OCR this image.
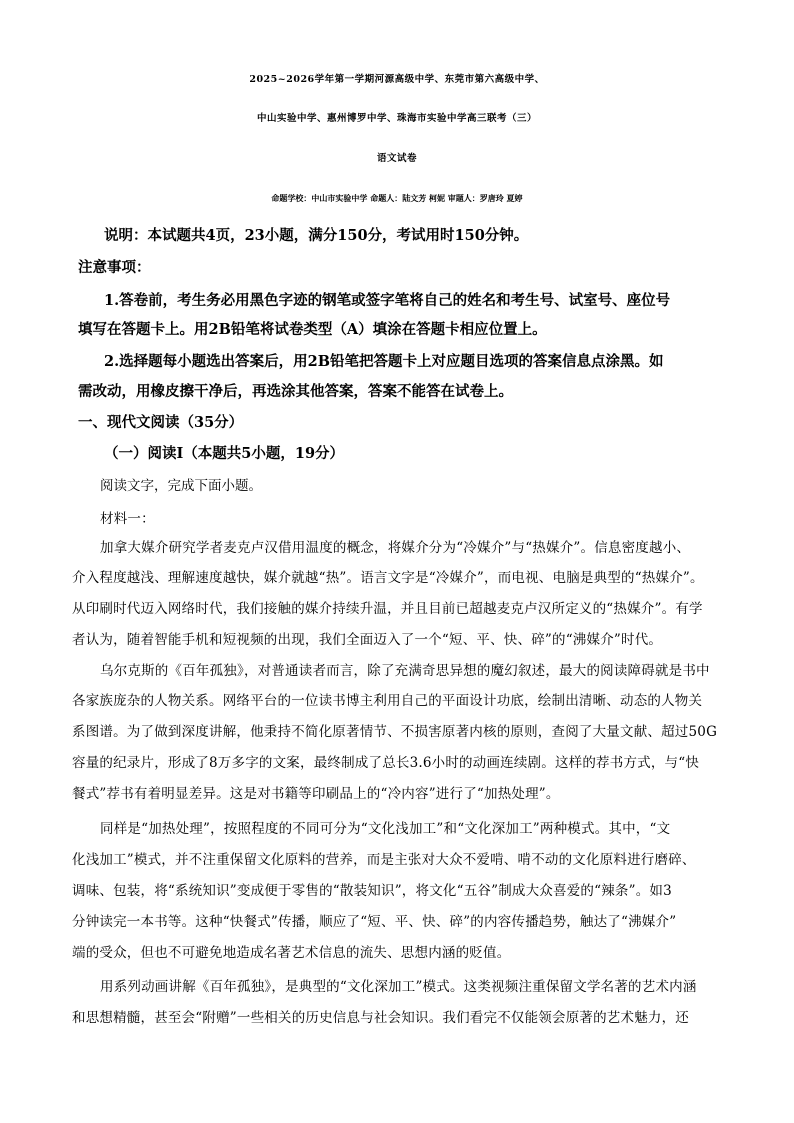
2025~2026学年第一学期河源高级中学、东莞市第六高级中学、
中山实验中学、惠州博罗中学、珠海市实验中学高三联考（三）
语文试卷
命题学校：中山市实验中学 命题人：陆文芳 柯妮 审题人：罗唐玲 夏婷
说明：本试题共4页，23小题，满分150分，考试用时150分钟。
注意事项：
1.答卷前，考生务必用黑色字迹的钢笔或签字笔将自己的姓名和考生号、试室号、座位号
填写在答题卡上。用2B铅笔将试卷类型（A）填涂在答题卡相应位置上。
2.选择题每小题选出答案后，用2B铅笔把答题卡上对应题目选项的答案信息点涂黑。如
需改动，用橡皮擦干净后，再选涂其他答案，答案不能答在试卷上。
一、现代文阅读（35分）
（一）阅读Ⅰ（本题共5小题，19分）
阅读文字，完成下面小题。
材料一：
加拿大媒介研究学者麦克卢汉借用温度的概念，将媒介分为“冷媒介”与“热媒介”。信息密度越小、
介入程度越浅、理解速度越快，媒介就越“热”。语言文字是“冷媒介”，而电视、电脑是典型的“热媒介”。
从印刷时代迈入网络时代，我们接触的媒介持续升温，并且目前已超越麦克卢汉所定义的“热媒介”。有学
者认为，随着智能手机和短视频的出现，我们全面迈入了一个“短、平、快、碎”的“沸媒介”时代。
乌尔克斯的《百年孤独》，对普通读者而言，除了充满奇思异想的魔幻叙述，最大的阅读障碍就是书中
各家族庞杂的人物关系。网络平台的一位读书博主利用自己的平面设计功底，绘制出清晰、动态的人物关
系图谱。为了做到深度讲解，他秉持不简化原著情节、不损害原著内核的原则，查阅了大量文献、超过50G
容量的纪录片，形成了8万多字的文案，最终制成了总长3.6小时的动画连续剧。这样的荐书方式，与“快
餐式”荐书有着明显差异。这是对书籍等印刷品上的“冷内容”进行了“加热处理”。
同样是“加热处理”，按照程度的不同可分为“文化浅加工”和“文化深加工”两种模式。其中，“文
化浅加工”模式，并不注重保留文化原料的营养，而是主张对大众不爱啃、啃不动的文化原料进行磨碎、
调味、包装，将“系统知识”变成便于零售的“散装知识”，将文化“五谷”制成大众喜爱的“辣条”。如3
分钟读完一本书等。这种“快餐式”传播，顺应了“短、平、快、碎”的内容传播趋势，触达了“沸媒介”
端的受众，但也不可避免地造成名著艺术信息的流失、思想内涵的贬值。
用系列动画讲解《百年孤独》，是典型的“文化深加工”模式。这类视频注重保留文学名著的艺术内涵
和思想精髓，甚至会“附赠”一些相关的历史信息与社会知识。我们看完不仅能领会原著的艺术魅力，还
